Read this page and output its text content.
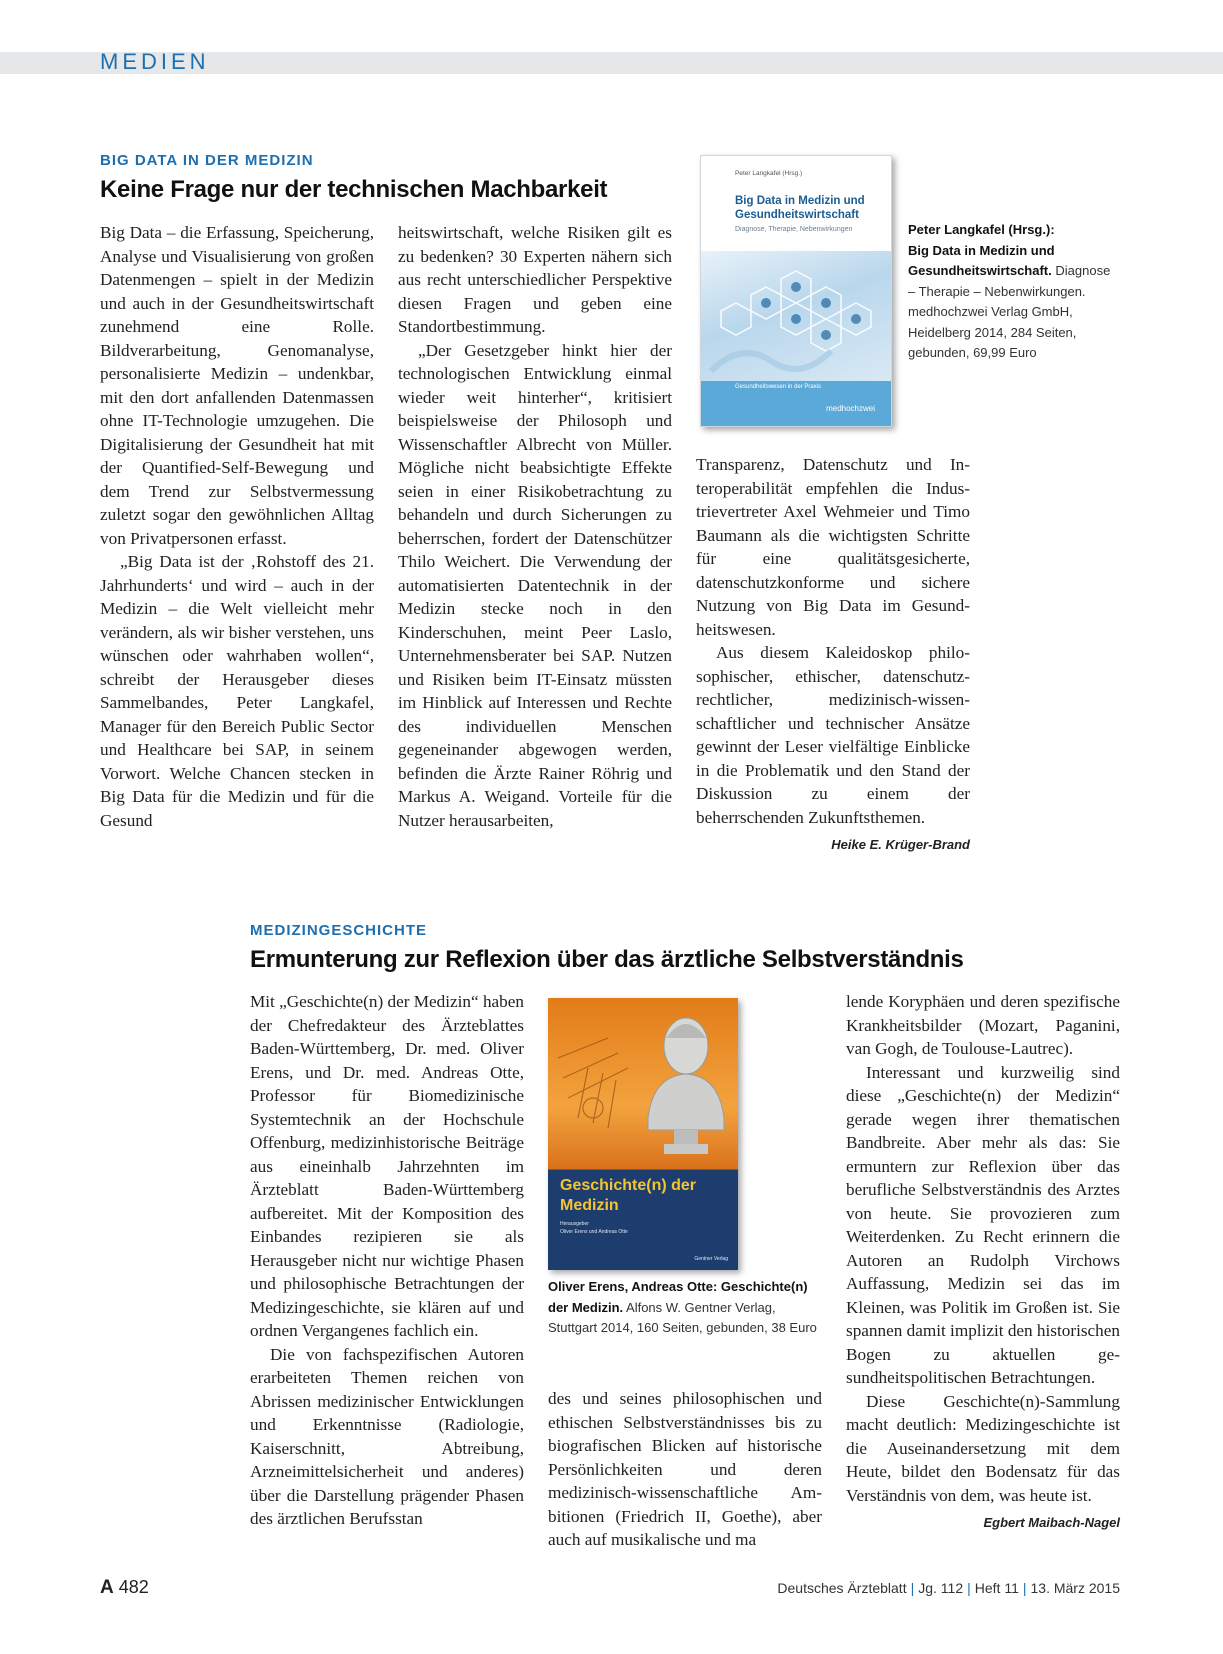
MEDIEN
BIG DATA IN DER MEDIZIN
Keine Frage nur der technischen Machbarkeit

Big Data – die Erfassung, Speicherung, Analyse und Visualisierung von großen Datenmengen – spielt in der Medizin und auch in der Gesundheitswirtschaft zunehmend eine Rolle. Bildverarbeitung, Genomanalyse, personalisierte Medizin – undenkbar, mit den dort anfallenden Datenmassen ohne IT-Technologie umzugehen. Die Digitalisierung der Gesundheit hat mit der Quantified-Self-Bewegung und dem Trend zur Selbstvermessung zuletzt sogar den gewöhnlichen Alltag von Privatpersonen erfasst.

„Big Data ist der ‚Rohstoff des 21. Jahrhunderts‘ und wird – auch in der Medizin – die Welt vielleicht mehr verändern, als wir bisher verstehen, uns wünschen oder wahrhaben wollen“, schreibt der Herausgeber dieses Sammelbandes, Peter Langkafel, Manager für den Bereich Public Sector und Healthcare bei SAP, in seinem Vorwort. Welche Chancen stecken in Big Data für die Medizin und für die Gesund

heitswirtschaft, welche Risiken gilt es zu bedenken? 30 Experten nähern sich aus recht unterschiedlicher Perspektive diesen Fragen und geben eine Standortbestimmung.

„Der Gesetzgeber hinkt hier der technologischen Entwicklung einmal wieder weit hinterher“, kritisiert beispielsweise der Philosoph und Wissenschaftler Albrecht von Müller. Mögliche nicht beabsichtigte Effekte seien in einer Risikobetrachtung zu behandeln und durch Sicherungen zu beherrschen, fordert der Datenschützer Thilo Weichert. Die Verwendung der automatisierten Datentechnik in der Medizin stecke noch in den Kinderschuhen, meint Peer Laslo, Unternehmensberater bei SAP. Nutzen und Risiken beim IT-Einsatz müssten im Hinblick auf Interessen und Rechte des individuellen Menschen gegeneinander abgewogen werden, befinden die Ärzte Rainer Röhrig und Markus A. Weigand. Vorteile für die Nutzer herausarbeiten,

Peter Langkafel (Hrsg.)
Big Data in Medizin und Gesundheitswirtschaft
Diagnose, Therapie, Nebenwirkungen
Gesundheitswesen in der Praxis
medhochzwei
Peter Langkafel (Hrsg.):
Big Data in Medizin und Gesundheitswirtschaft. Diagnose – Therapie – Nebenwirkungen. medhochzwei Verlag GmbH, Heidelberg 2014, 284 Seiten, gebunden, 69,99 Euro

Transparenz, Datenschutz und Interoperabilität empfehlen die Industrievertreter Axel Wehmeier und Timo Baumann als die wichtigsten Schritte für eine qualitätsgesicherte, datenschutzkonforme und sichere Nutzung von Big Data im Gesundheitswesen.

Aus diesem Kaleidoskop philosophischer, ethischer, datenschutzrechtlicher, medizinisch-wissenschaftlicher und technischer Ansätze gewinnt der Leser vielfältige Einblicke in die Problematik und den Stand der Diskussion zu einem der beherrschenden Zukunftsthemen.
Heike E. Krüger-Brand

MEDIZINGESCHICHTE
Ermunterung zur Reflexion über das ärztliche Selbstverständnis

Mit „Geschichte(n) der Medizin“ haben der Chefredakteur des Ärzteblattes Baden-Württemberg, Dr. med. Oliver Erens, und Dr. med. Andreas Otte, Professor für Biomedizinische Systemtechnik an der Hochschule Offenburg, medizinhistorische Beiträge aus eineinhalb Jahrzehnten im Ärzteblatt Baden-Württemberg aufbereitet. Mit der Komposition des Einbandes rezipieren sie als Herausgeber nicht nur wichtige Phasen und philosophische Betrachtungen der Medizingeschichte, sie klären auf und ordnen Vergangenes fachlich ein.

Die von fachspezifischen Autoren erarbeiteten Themen reichen von Abrissen medizinischer Entwicklungen und Erkenntnisse (Radiologie, Kaiserschnitt, Abtreibung, Arzneimittelsicherheit und anderes) über die Darstellung prägender Phasen des ärztlichen Berufsstan

Geschichte(n) der Medizin
Herausgeber
Oliver Erens und Andreas Otte
Gentner Verlag
Oliver Erens, Andreas Otte: Geschichte(n) der Medizin. Alfons W. Gentner Verlag, Stuttgart 2014, 160 Seiten, gebunden, 38 Euro

des und seines philosophischen und ethischen Selbstverständnisses bis zu biografischen Blicken auf historische Persönlichkeiten und deren medizinisch-wissenschaftliche Ambitionen (Friedrich II, Goethe), aber auch auf musikalische und ma

lende Koryphäen und deren spezifische Krankheitsbilder (Mozart, Paganini, van Gogh, de Toulouse-Lautrec).

Interessant und kurzweilig sind diese „Geschichte(n) der Medizin“ gerade wegen ihrer thematischen Bandbreite. Aber mehr als das: Sie ermuntern zur Reflexion über das berufliche Selbstverständnis des Arztes von heute. Sie provozieren zum Weiterdenken. Zu Recht erinnern die Autoren an Rudolph Virchows Auffassung, Medizin sei das im Kleinen, was Politik im Großen ist. Sie spannen damit implizit den historischen Bogen zu aktuellen gesundheitspolitischen Betrachtungen.

Diese Geschichte(n)-Sammlung macht deutlich: Medizingeschichte ist die Auseinandersetzung mit dem Heute, bildet den Bodensatz für das Verständnis von dem, was heute ist.
Egbert Maibach-Nagel

A 482	Deutsches Ärzteblatt | Jg. 112 | Heft 11 | 13. März 2015
